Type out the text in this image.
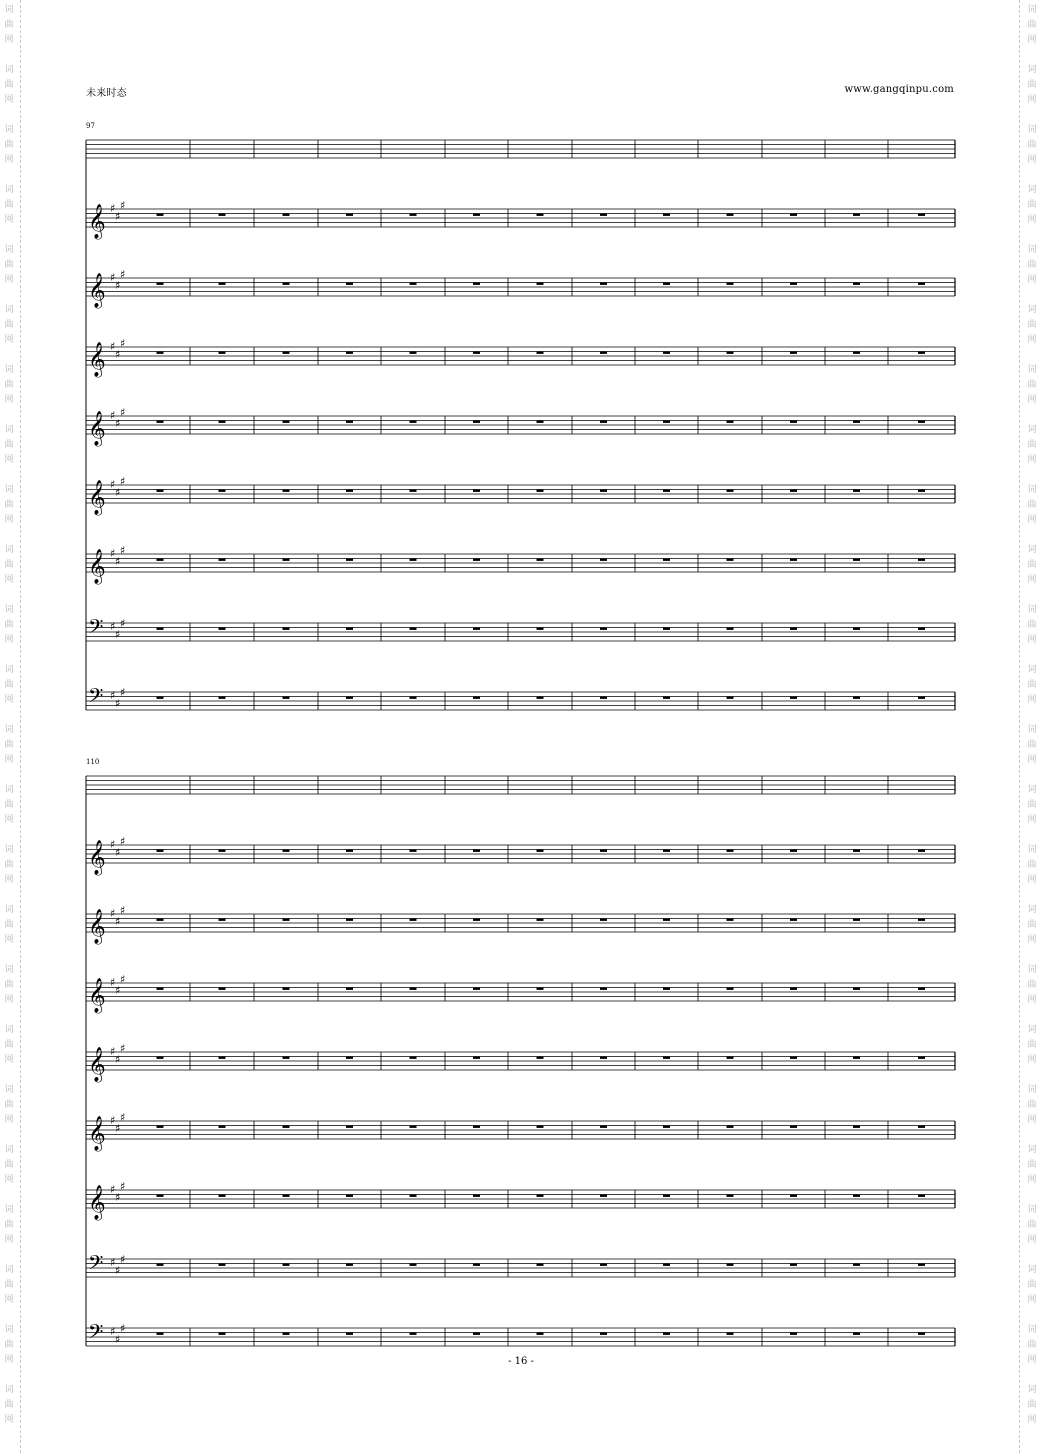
词
曲
网
词
曲
网
词
曲
网
词
曲
网
词
曲
网
词
曲
网
词
曲
网
词
曲
网
词
曲
网
词
曲
网
词
曲
网
词
曲
网
词
曲
网
词
曲
网
词
曲
网
词
曲
网
词
曲
网
词
曲
网
词
曲
网
词
曲
网
词
曲
网
词
曲
网
词
曲
网
词
曲
网
词
曲
网
词
曲
网
词
曲
网
词
曲
网
词
曲
网
词
曲
网
词
曲
网
词
曲
网
词
曲
网
词
曲
网
词
曲
网
词
曲
网
词
曲
网
词
曲
网
词
曲
网
词
曲
网
词
曲
网
词
曲
网
词
曲
网
词
曲
网
词
曲
网
词
曲
网
词
曲
网
词
曲
网
未来时态	www.gangqinpu.com
97
110
𝄞 ♯
♯
♯
𝄞 ♯
♯
♯
𝄞 ♯
♯
♯
𝄞 ♯
♯
♯
𝄞 ♯
♯
♯
𝄞 ♯
♯
♯
𝄢 ♯
♯
♯
𝄢 ♯
♯
♯
𝄞 ♯
♯
♯
𝄞 ♯
♯
♯
𝄞 ♯
♯
♯
𝄞 ♯
♯
♯
𝄞 ♯
♯
♯
𝄞 ♯
♯
♯
𝄢 ♯
♯
♯
𝄢 ♯
♯
♯
- 16 -
